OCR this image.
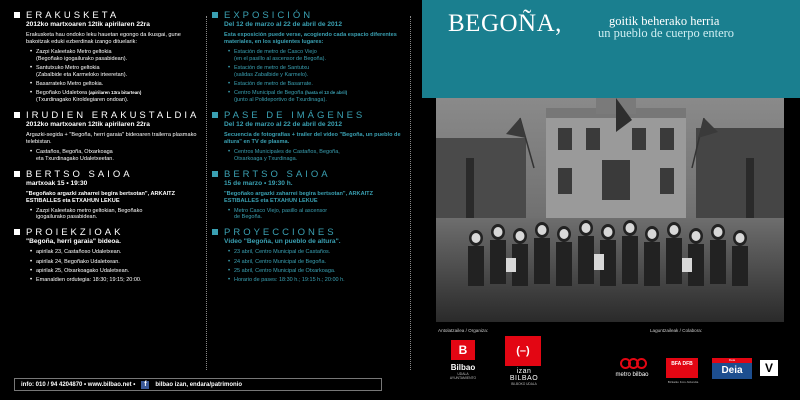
ERAKUSKETA
2012ko martxoaren 12tik apirilaren 22ra
Erakusketa hau ondoko leku hauetan egongo da ikusgai, gune bakoitzak eduki ezberdinak izango dituelarik:
• Zazpi Kaleetako Metro geltokia
(Begoñako igogailurako pasabidean).
• Santutxuko Metro geltokia
(Zabalbide eta Karmeloko irteeretan).
• Basarrateko Metro geltokia.
• Begoñako Udaletxea (apirilaren 13ra bitartean)
(Txurdinagako Kiroldegiaren ondoan).
IRUDIEN ERAKUSTALDIA
2012ko martxoaren 12tik apirilaren 22ra
Argazki-segida + "Begoña, herri garaia" bideoaren trailerra plasmako telebistan.
• Castaños, Begoña, Otxarkoaga
eta Txurdinagako Udaletxeetan.
BERTSO SAIOA
martxoak 15 • 19:30
"Begoñako argazki zaharrei begira bertsotan", ARKAITZ ESTIBALLES eta ETXAHUN LEKUE
• Zazpi Kaleetako metro geltokian, Begoñako
igogailurako pasabidean.
PROIEKZIOAK
"Begoña, herri garaia" bideoa.
• apirilak 23, Castañoso Udaletxean.
• apirilak 24, Begoñako Udaletxean.
• apirilak 25, Otxarkoagako Udaletxean.
• Emanaldien ordutegia: 18:30; 19:15; 20:00.
EXPOSICIÓN
Del 12 de marzo al 22 de abril de 2012
Esta exposición puede verse, acogiendo cada espacio diferentes materiales, en los siguientes lugares:
• Estación de metro de Casco Viejo
(en el pasillo al ascensor de Begoña).
• Estación de metro de Santutxu
(salidas Zabalbide y Karmelo).
• Estación de metro de Basarrate.
• Centro Municipal de Begoña (hasta el 13 de abril)
(junto al Polideportivo de Txurdinaga).
PASE DE IMÁGENES
Del 12 de marzo al 22 de abril de 2012
Secuencia de fotografías + trailer del vídeo "Begoña, un pueblo de altura" en TV de plasma.
• Centros Municipales de Castaños, Begoña,
Otxarkoaga y Txurdinaga.
BERTSO SAIOA
15 de marzo • 19:30 h.
"Begoñako argazki zaharrei begira bertsotan", ARKAITZ ESTIBALLES eta ETXAHUN LEKUE
• Metro Casco Viejo, pasillo al ascensor
de Begoña.
PROYECCIONES
Vídeo "Begoña, un pueblo de altura".
• 23 abril, Centro Municipal de Castaños.
• 24 abril, Centro Municipal de Begoña.
• 25 abril, Centro Municipal de Otxarkoaga.
• Horario de pases: 18:30 h.; 19:15 h.; 20:00 h.
info: 010 / 94 4204870 • www.bilbao.net •	f	bilbao izan, endara/patrimonio
BEGOÑA,	goitik beherako herria
un pueblo de cuerpo entero
Antolatzailea / Organiza:	Laguntzaileak / Colabora:
B
Bilbao
UDALA AYUNTAMIENTO
(–)
izan BILBAO
BILBOKO UDALA
metro bilbao
BFA DFB
Bizkaiko Foru Aldundia
Deia
Deia	V
